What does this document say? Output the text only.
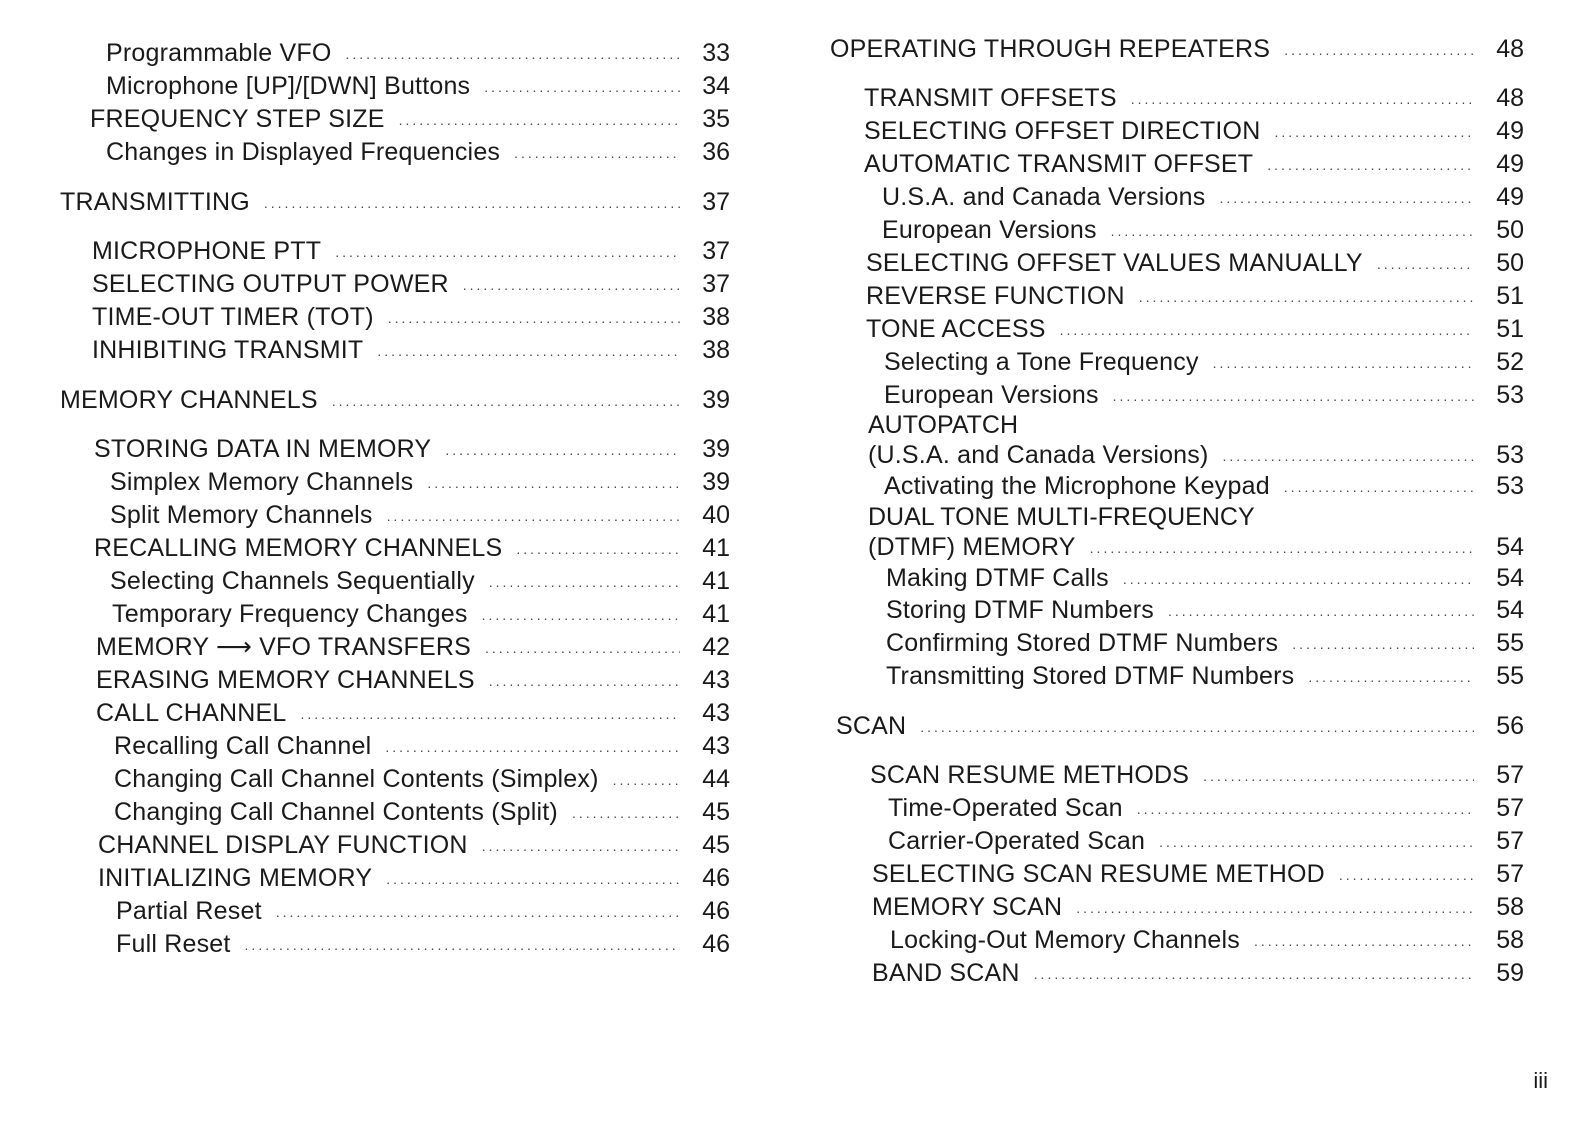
Programmable VFO .....	33
Microphone [UP]/[DWN] Buttons .....	34
FREQUENCY STEP SIZE .....	35
Changes in Displayed Frequencies .....	36
TRANSMITTING .....	37
MICROPHONE PTT .....	37
SELECTING OUTPUT POWER .....	37
TIME-OUT TIMER (TOT) .....	38
INHIBITING TRANSMIT .....	38
MEMORY CHANNELS .....	39
STORING DATA IN MEMORY .....	39
Simplex Memory Channels .....	39
Split Memory Channels .....	40
RECALLING MEMORY CHANNELS .....	41
Selecting Channels Sequentially .....	41
Temporary Frequency Changes .....	41
MEMORY ⟶ VFO TRANSFERS .....	42
ERASING MEMORY CHANNELS .....	43
CALL CHANNEL .....	43
Recalling Call Channel .....	43
Changing Call Channel Contents (Simplex) .....	44
Changing Call Channel Contents (Split) .....	45
CHANNEL DISPLAY FUNCTION .....	45
INITIALIZING MEMORY .....	46
Partial Reset .....	46
Full Reset .....	46
OPERATING THROUGH REPEATERS .....	48
TRANSMIT OFFSETS .....	48
SELECTING OFFSET DIRECTION .....	49
AUTOMATIC TRANSMIT OFFSET .....	49
U.S.A. and Canada Versions .....	49
European Versions .....	50
SELECTING OFFSET VALUES MANUALLY .....	50
REVERSE FUNCTION .....	51
TONE ACCESS .....	51
Selecting a Tone Frequency .....	52
European Versions .....	53
AUTOPATCH
(U.S.A. and Canada Versions) .....	53
Activating the Microphone Keypad .....	53
DUAL TONE MULTI-FREQUENCY
(DTMF) MEMORY .....	54
Making DTMF Calls .....	54
Storing DTMF Numbers .....	54
Confirming Stored DTMF Numbers .....	55
Transmitting Stored DTMF Numbers .....	55
SCAN .....	56
SCAN RESUME METHODS .....	57
Time-Operated Scan .....	57
Carrier-Operated Scan .....	57
SELECTING SCAN RESUME METHOD .....	57
MEMORY SCAN .....	58
Locking-Out Memory Channels .....	58
BAND SCAN .....	59
iii
